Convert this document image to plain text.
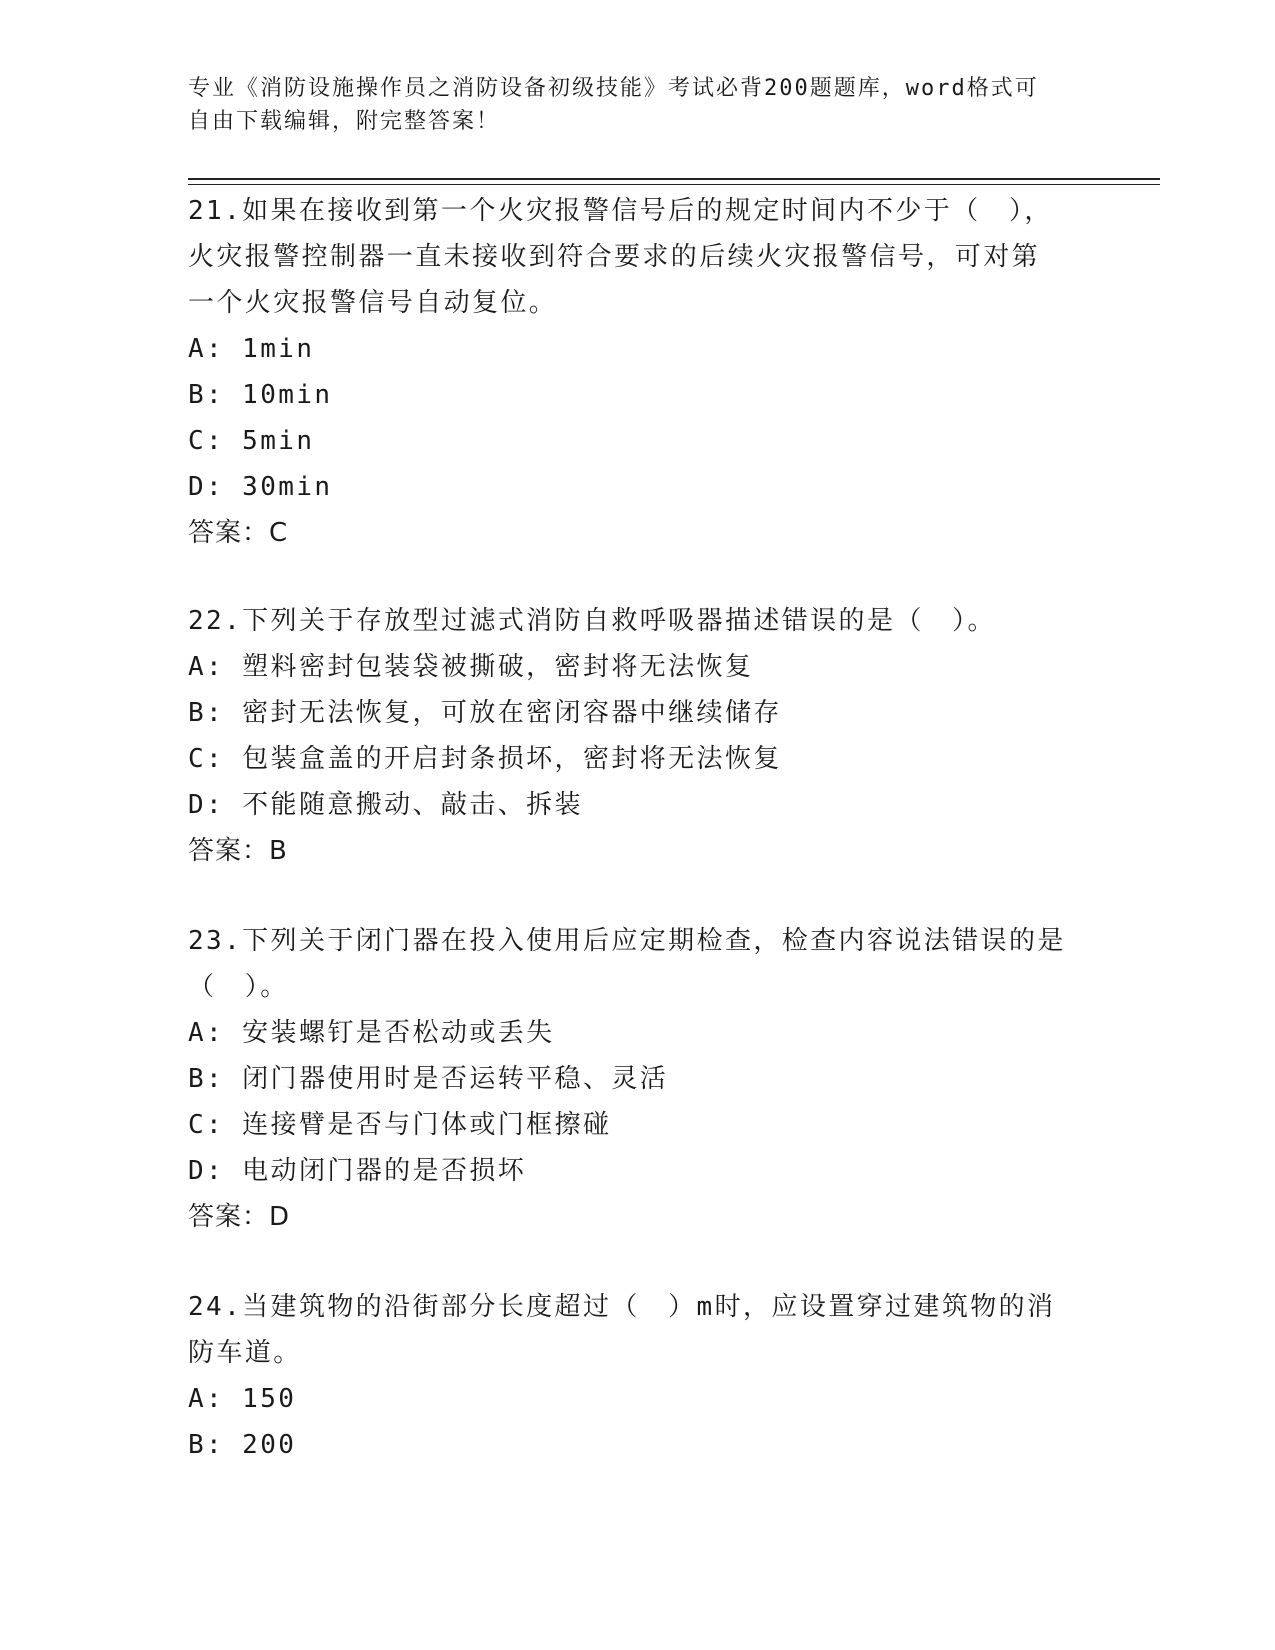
专业《消防设施操作员之消防设备初级技能》考试必背200题题库，word格式可
自由下载编辑，附完整答案！
21.如果在接收到第一个火灾报警信号后的规定时间内不少于（　），
火灾报警控制器一直未接收到符合要求的后续火灾报警信号，可对第
一个火灾报警信号自动复位。
A: 1min
B: 10min
C: 5min
D: 30min
答案：C
22.下列关于存放型过滤式消防自救呼吸器描述错误的是（　）。
A: 塑料密封包装袋被撕破，密封将无法恢复
B: 密封无法恢复，可放在密闭容器中继续储存
C: 包装盒盖的开启封条损坏，密封将无法恢复
D: 不能随意搬动、敲击、拆装
答案：B
23.下列关于闭门器在投入使用后应定期检查，检查内容说法错误的是
（　）。
A: 安装螺钉是否松动或丢失
B: 闭门器使用时是否运转平稳、灵活
C: 连接臂是否与门体或门框擦碰
D: 电动闭门器的是否损坏
答案：D
24.当建筑物的沿街部分长度超过（　）m时，应设置穿过建筑物的消
防车道。
A: 150
B: 200
